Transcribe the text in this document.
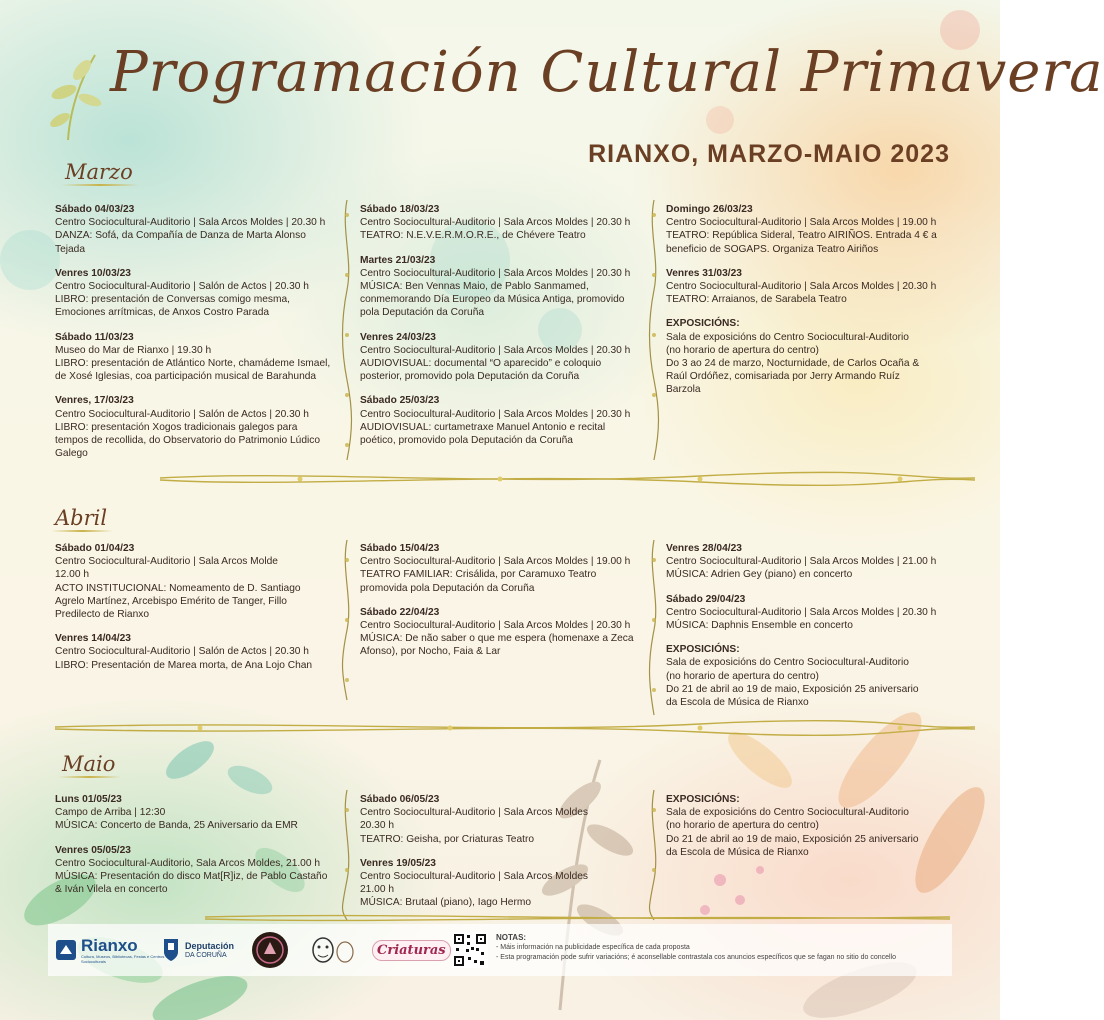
Programación Cultural Primavera
RIANXO, MARZO-MAIO 2023
Marzo
Abril
Maio
Sábado 04/03/23
Centro Sociocultural-Auditorio | Sala Arcos Moldes | 20.30 h
DANZA: Sofá, da Compañía de Danza de Marta Alonso
Tejada
Venres 10/03/23
Centro Sociocultural-Auditorio | Salón de Actos | 20.30 h
LIBRO: presentación de Conversas comigo mesma,
Emociones arrítmicas, de Anxos Costro Parada
Sábado 11/03/23
Museo do Mar de Rianxo | 19.30 h
LIBRO: presentación de Atlántico Norte, chamádeme Ismael,
de Xosé Iglesias, coa participación musical de Barahunda
Venres, 17/03/23
Centro Sociocultural-Auditorio | Salón de Actos | 20.30 h
LIBRO: presentación Xogos tradicionais galegos para
tempos de recollida, do Observatorio do Patrimonio Lúdico
Galego
Sábado 18/03/23
Centro Sociocultural-Auditorio | Sala Arcos Moldes | 20.30 h
TEATRO: N.E.V.E.R.M.O.R.E., de Chévere Teatro
Martes 21/03/23
Centro Sociocultural-Auditorio | Sala Arcos Moldes | 20.30 h
MÚSICA: Ben Vennas Maio, de Pablo Sanmamed,
conmemorando Día Europeo da Música Antiga, promovido
pola Deputación da Coruña
Venres 24/03/23
Centro Sociocultural-Auditorio | Sala Arcos Moldes | 20.30 h
AUDIOVISUAL: documental “O aparecido” e coloquio
posterior, promovido pola Deputación da Coruña
Sábado 25/03/23
Centro Sociocultural-Auditorio | Sala Arcos Moldes | 20.30 h
AUDIOVISUAL: curtametraxe Manuel Antonio e recital
poético, promovido pola Deputación da Coruña
Domingo 26/03/23
Centro Sociocultural-Auditorio | Sala Arcos Moldes | 19.00 h
TEATRO: República Sideral, Teatro AIRIÑOS. Entrada 4 € a
beneficio de SOGAPS. Organiza Teatro Airiños
Venres 31/03/23
Centro Sociocultural-Auditorio | Sala Arcos Moldes | 20.30 h
TEATRO: Arraianos, de Sarabela Teatro
EXPOSICIÓNS:
Sala de exposicións do Centro Sociocultural-Auditorio
(no horario de apertura do centro)
Do 3 ao 24 de marzo, Nocturnidade, de Carlos Ocaña &
Raúl Ordóñez, comisariada por Jerry Armando Ruíz
Barzola
Sábado 01/04/23
Centro Sociocultural-Auditorio | Sala Arcos Molde
12.00 h
ACTO INSTITUCIONAL: Nomeamento de D. Santiago
Agrelo Martínez, Arcebispo Emérito de Tanger, Fillo
Predilecto de Rianxo
Venres 14/04/23
Centro Sociocultural-Auditorio | Salón de Actos | 20.30 h
LIBRO: Presentación de Marea morta, de Ana Lojo Chan
Sábado 15/04/23
Centro Sociocultural-Auditorio | Sala Arcos Moldes | 19.00 h
TEATRO FAMILIAR: Crisálida, por Caramuxo Teatro
promovida pola Deputación da Coruña
Sábado 22/04/23
Centro Sociocultural-Auditorio | Sala Arcos Moldes | 20.30 h
MÚSICA: De não saber o que me espera (homenaxe a Zeca
Afonso), por Nocho, Faia & Lar
Venres 28/04/23
Centro Sociocultural-Auditorio | Sala Arcos Moldes | 21.00 h
MÚSICA: Adrien Gey (piano) en concerto
Sábado 29/04/23
Centro Sociocultural-Auditorio | Sala Arcos Moldes | 20.30 h
MÚSICA: Daphnis Ensemble en concerto
EXPOSICIÓNS:
Sala de exposicións do Centro Sociocultural-Auditorio
(no horario de apertura do centro)
Do 21 de abril ao 19 de maio, Exposición 25 aniversario
da Escola de Música de Rianxo
Luns 01/05/23
Campo de Arriba | 12:30
MÚSICA: Concerto de Banda, 25 Aniversario da EMR
Venres 05/05/23
Centro Sociocultural-Auditorio, Sala Arcos Moldes, 21.00 h
MÚSICA: Presentación do disco Mat[R]iz, de Pablo Castaño
& Iván Vilela en concerto
Sábado 06/05/23
Centro Sociocultural-Auditorio | Sala Arcos Moldes
20.30 h
TEATRO: Geisha, por Criaturas Teatro
Venres 19/05/23
Centro Sociocultural-Auditorio | Sala Arcos Moldes
21.00 h
MÚSICA: Brutaal (piano), Iago Hermo
EXPOSICIÓNS:
Sala de exposicións do Centro Sociocultural-Auditorio
(no horario de apertura do centro)
Do 21 de abril ao 19 de maio, Exposición 25 aniversario
da Escola de Música de Rianxo
Rianxo
Cultura, Museos, Bibliotecas, Festas e Centros Socioculturais
Deputación
DA CORUÑA	Criaturas
NOTAS:
- Máis información na publicidade específica de cada proposta
- Esta programación pode sufrir variacións; é aconsellable contrastala cos anuncios específicos que se fagan no sitio do concello
